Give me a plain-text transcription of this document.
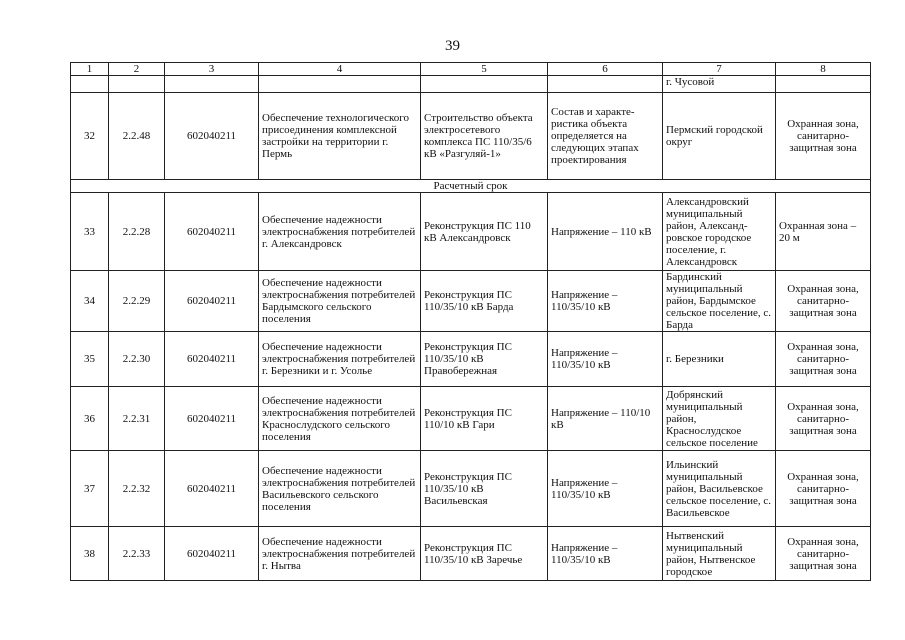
39
1	2	3	4	5	6	7	8
						г. Чусовой	
32	2.2.48	602040211	Обеспечение технологического присоединения комплексной застройки на территории г. Пермь	Строительство объекта электросетевого комплекса ПС 110/35/6 кВ «Разгуляй-1»	Состав и характе-ристика объекта определяется на следующих этапах проектирования	Пермский городской округ	Охранная зона, санитарно-защитная зона
Расчетный срок							
33	2.2.28	602040211	Обеспечение надежности электроснабжения потребителей г. Александровск	Реконструкция ПС 110 кВ Александровск	Напряжение – 110 кВ	Александровский муниципальный район, Александ-ровское городское поселение, г. Александровск	Охранная зона – 20 м
34	2.2.29	602040211	Обеспечение надежности электроснабжения потребителей Бардымского сельского поселения	Реконструкция ПС 110/35/10 кВ Барда	Напряжение – 110/35/10 кВ	Бардинский муниципальный район, Бардымское сельское поселение, с. Барда	Охранная зона, санитарно-защитная зона
35	2.2.30	602040211	Обеспечение надежности электроснабжения потребителей г. Березники и г. Усолье	Реконструкция ПС 110/35/10 кВ Правобережная	Напряжение – 110/35/10 кВ	г. Березники	Охранная зона, санитарно-защитная зона
36	2.2.31	602040211	Обеспечение надежности электроснабжения потребителей Краснослудского сельского поселения	Реконструкция ПС 110/10 кВ Гари	Напряжение – 110/10 кВ	Добрянский муниципальный район, Краснослудское сельское поселение	Охранная зона, санитарно-защитная зона
37	2.2.32	602040211	Обеспечение надежности электроснабжения потребителей Васильевского сельского поселения	Реконструкция ПС 110/35/10 кВ Васильевская	Напряжение – 110/35/10 кВ	Ильинский муниципальный район, Васильевское сельское поселение, с. Васильевское	Охранная зона, санитарно-защитная зона
38	2.2.33	602040211	Обеспечение надежности электроснабжения потребителей г. Нытва	Реконструкция ПС 110/35/10 кВ Заречье	Напряжение – 110/35/10 кВ	Нытвенский муниципальный район, Нытвенское городское	Охранная зона, санитарно-защитная зона
